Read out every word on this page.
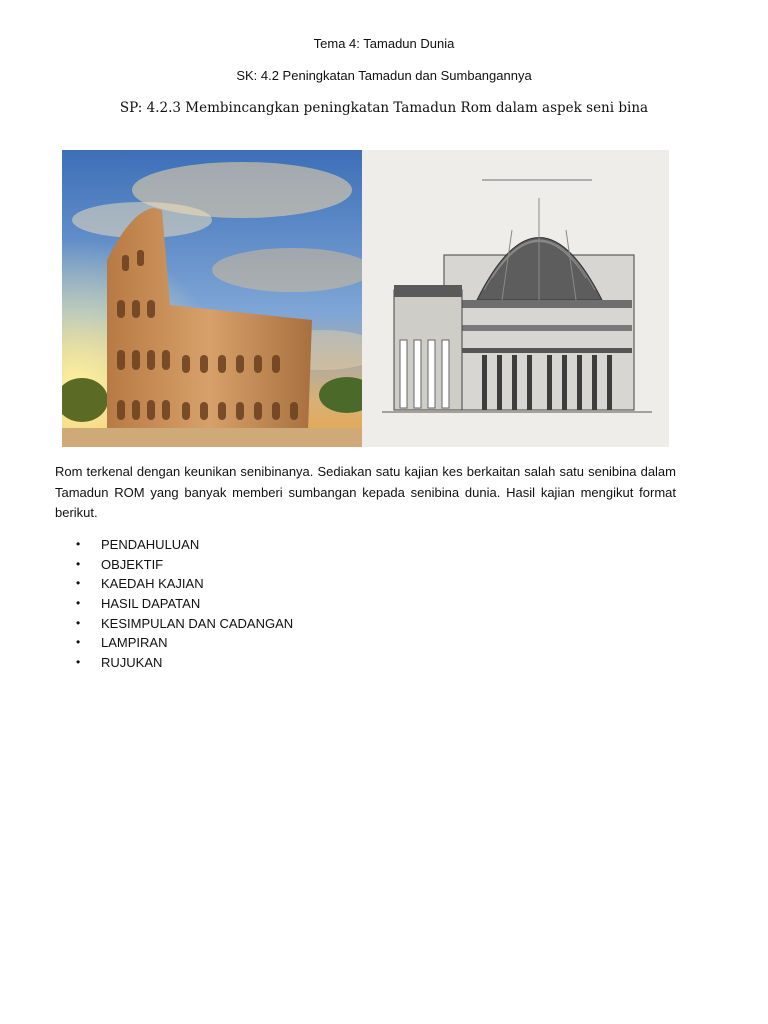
Tema 4: Tamadun Dunia
SK: 4.2 Peningkatan Tamadun dan Sumbangannya
SP: 4.2.3 Membincangkan peningkatan Tamadun Rom dalam aspek seni bina
Rom terkenal dengan keunikan senibinanya. Sediakan satu kajian kes berkaitan salah satu senibina dalam Tamadun ROM yang banyak memberi sumbangan kepada senibina dunia. Hasil kajian mengikut format berikut.
• PENDAHULUAN
• OBJEKTIF
• KAEDAH KAJIAN
• HASIL DAPATAN
• KESIMPULAN DAN CADANGAN
• LAMPIRAN
• RUJUKAN
